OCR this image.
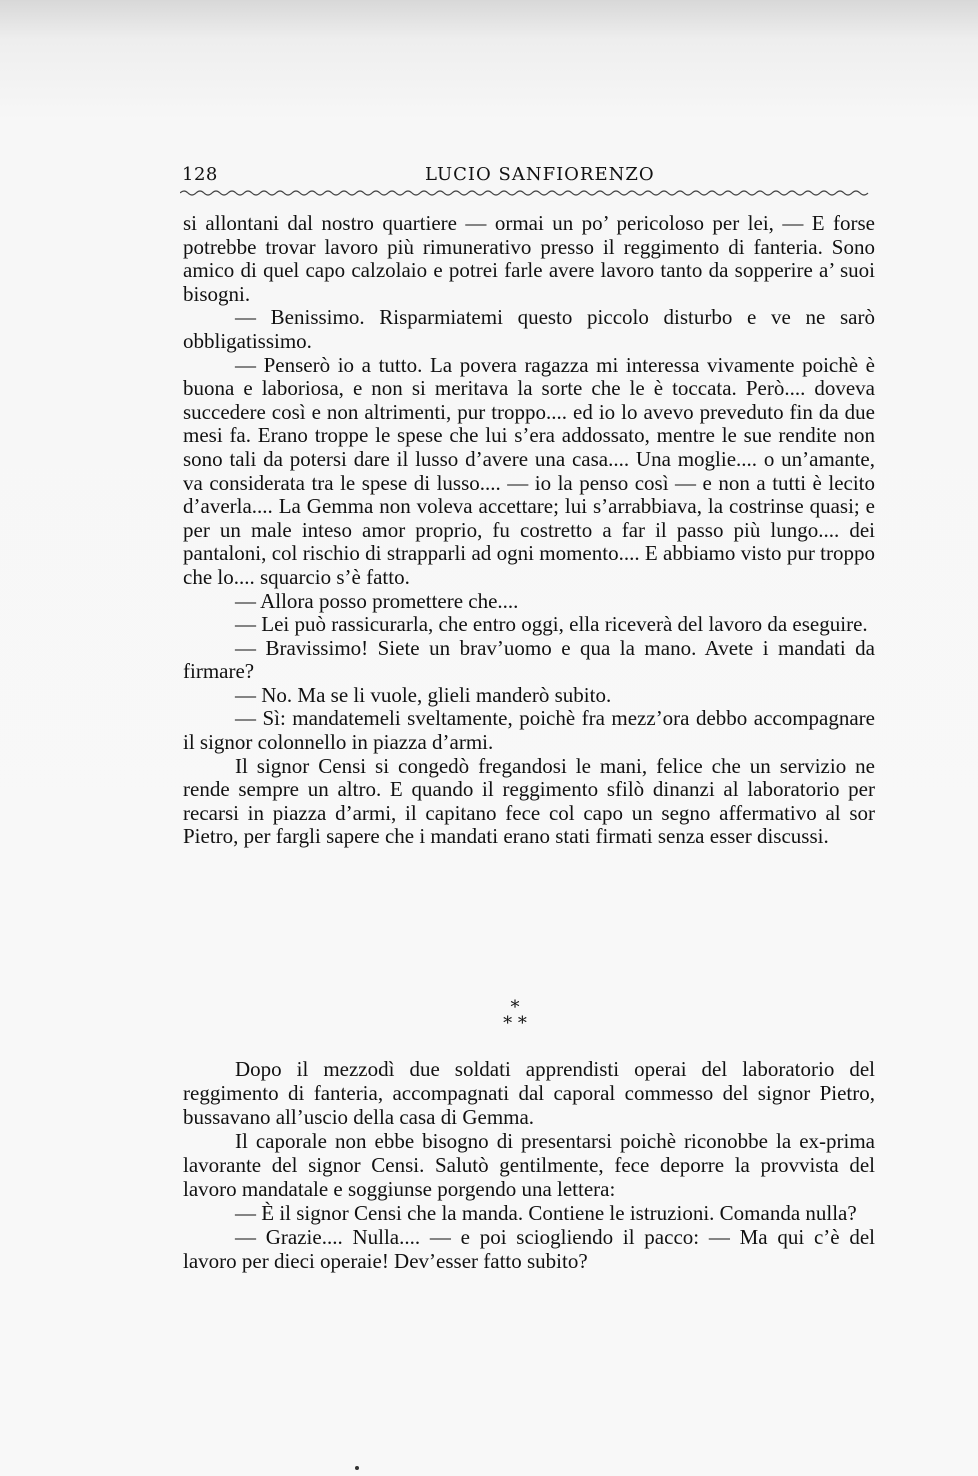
128	LUCIO SANFIORENZO

si allontani dal nostro quartiere — ormai un po’ pericoloso per lei, — E forse potrebbe trovar lavoro più rimunerativo presso il reggimento di fanteria. Sono amico di quel capo calzolaio e potrei farle avere lavoro tanto da sopperire a’ suoi bisogni.

— Benissimo. Risparmiatemi questo piccolo disturbo e ve ne sarò obbligatissimo.

— Penserò io a tutto. La povera ragazza mi interessa vivamente poichè è buona e laboriosa, e non si meritava la sorte che le è toccata. Però.... doveva succedere così e non altrimenti, pur troppo.... ed io lo avevo preveduto fin da due mesi fa. Erano troppe le spese che lui s’era addossato, mentre le sue rendite non sono tali da potersi dare il lusso d’avere una casa.... Una moglie.... o un’amante, va considerata tra le spese di lusso.... — io la penso così — e non a tutti è lecito d’averla.... La Gemma non voleva accettare; lui s’arrabbiava, la costrinse quasi; e per un male inteso amor proprio, fu costretto a far il passo più lungo.... dei pantaloni, col rischio di strapparli ad ogni momento.... E abbiamo visto pur troppo che lo.... squarcio s’è fatto.

— Allora posso promettere che....

— Lei può rassicurarla, che entro oggi, ella riceverà del lavoro da eseguire.

— Bravissimo! Siete un brav’uomo e qua la mano. Avete i mandati da firmare?

— No. Ma se li vuole, glieli manderò subito.

— Sì: mandatemeli sveltamente, poichè fra mezz’ora debbo accompagnare il signor colonnello in piazza d’armi.

Il signor Censi si congedò fregandosi le mani, felice che un servizio ne rende sempre un altro. E quando il reggimento sfilò dinanzi al laboratorio per recarsi in piazza d’armi, il capitano fece col capo un segno affermativo al sor Pietro, per fargli sapere che i mandati erano stati firmati senza esser discussi.

*
* *

Dopo il mezzodì due soldati apprendisti operai del laboratorio del reggimento di fanteria, accompagnati dal caporal commesso del signor Pietro, bussavano all’uscio della casa di Gemma.

Il caporale non ebbe bisogno di presentarsi poichè riconobbe la ex-prima lavorante del signor Censi. Salutò gentilmente, fece deporre la provvista del lavoro mandatale e soggiunse porgendo una lettera:

— È il signor Censi che la manda. Contiene le istruzioni. Comanda nulla?

— Grazie.... Nulla.... — e poi sciogliendo il pacco: — Ma qui c’è del lavoro per dieci operaie! Dev’esser fatto subito?
